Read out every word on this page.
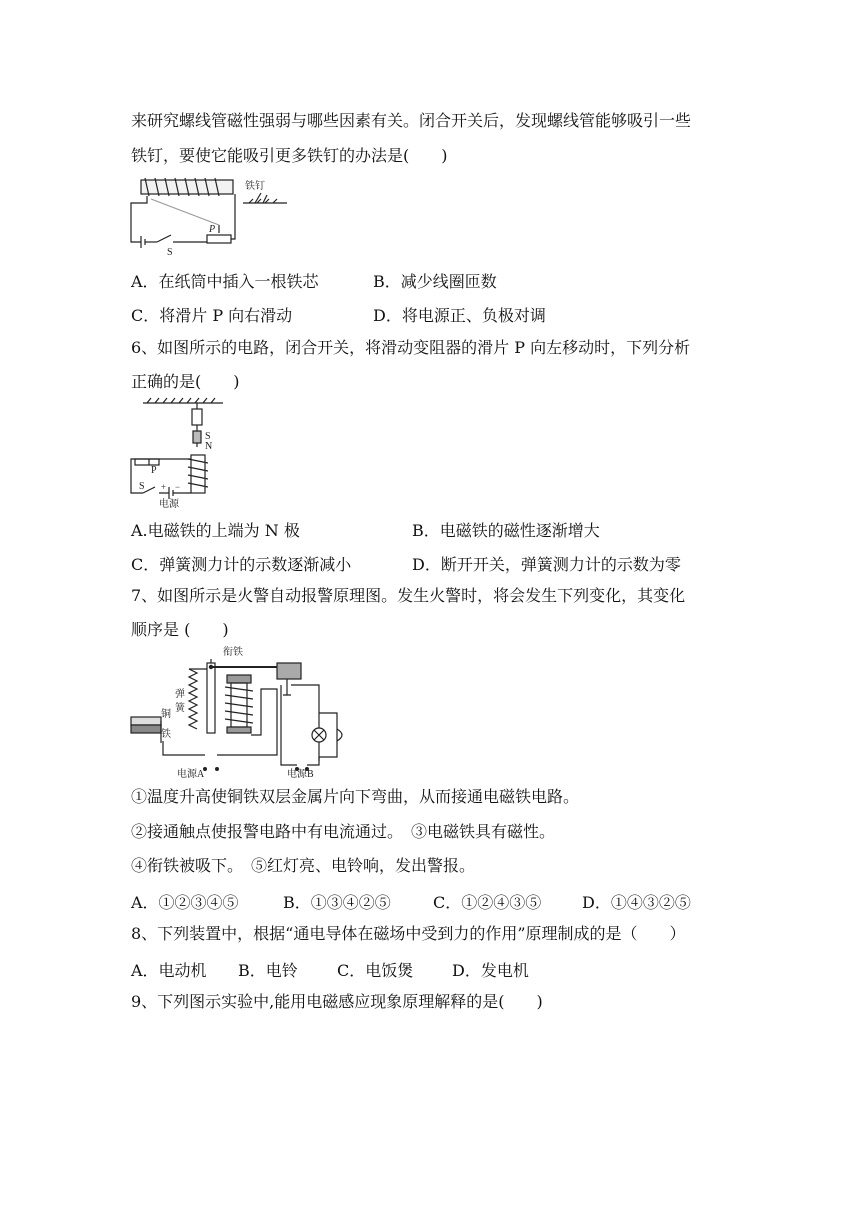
来研究螺线管磁性强弱与哪些因素有关。闭合开关后，发现螺线管能够吸引一些
铁钉，要使它能吸引更多铁钉的办法是(　　)
铁钉
S
P
A．在纸筒中插入一根铁芯	B．减少线圈匝数
C．将滑片 P 向右滑动	D．将电源正、负极对调
6、如图所示的电路，闭合开关，将滑动变阻器的滑片 P 向左移动时，下列分析
正确的是(　　)
S
N
P
S + −
电源
A.电磁铁的上端为 N 极	B．电磁铁的磁性逐渐增大
C．弹簧测力计的示数逐渐减小	D．断开开关，弹簧测力计的示数为零
7、如图所示是火警自动报警原理图。发生火警时，将会发生下列变化，其变化
顺序是 (　　)
衔铁
弹
簧
铜
铁
电源A	电源B
①温度升高使铜铁双层金属片向下弯曲，从而接通电磁铁电路。
②接通触点使报警电路中有电流通过。　③电磁铁具有磁性。
④衔铁被吸下。　⑤红灯亮、电铃响，发出警报。
A．①②③④⑤	B．①③④②⑤	C．①②④③⑤	D．①④③②⑤
8、下列装置中，根据“通电导体在磁场中受到力的作用”原理制成的是（　　）
A．电动机 B．电铃 C．电饭煲 D．发电机
9、下列图示实验中,能用电磁感应现象原理解释的是(　　)
